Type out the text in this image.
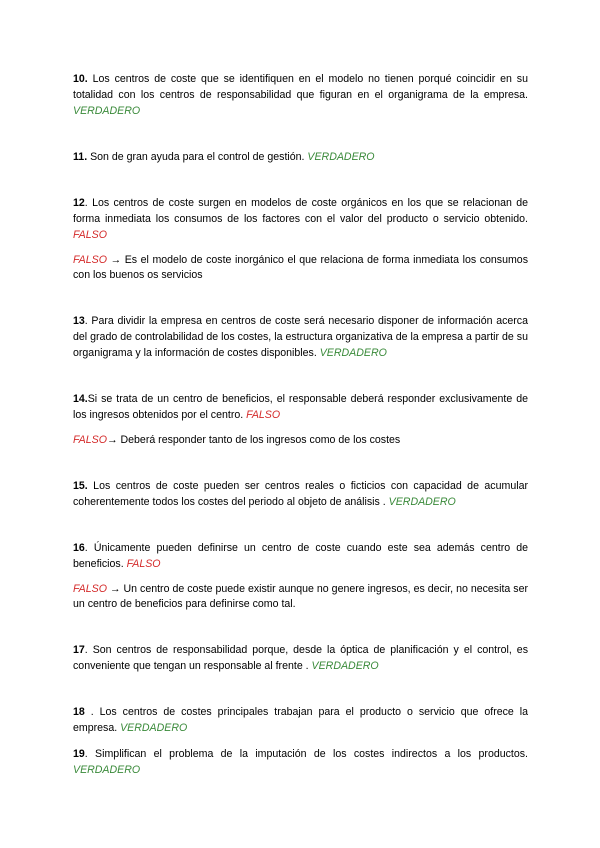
10. Los centros de coste que se identifiquen en el modelo no tienen porqué coincidir en su totalidad con los centros de responsabilidad que figuran en el organigrama de la empresa. VERDADERO

11. Son de gran ayuda para el control de gestión. VERDADERO

12. Los centros de coste surgen en modelos de coste orgánicos en los que se relacionan de forma inmediata los consumos de los factores con el valor del producto o servicio obtenido. FALSO

FALSO → Es el modelo de coste inorgánico el que relaciona de forma inmediata los consumos con los buenos os servicios

13. Para dividir la empresa en centros de coste será necesario disponer de información acerca del grado de controlabilidad de los costes, la estructura organizativa de la empresa a partir de su organigrama y la información de costes disponibles. VERDADERO

14.Si se trata de un centro de beneficios, el responsable deberá responder exclusivamente de los ingresos obtenidos por el centro. FALSO

FALSO→ Deberá responder tanto de los ingresos como de los costes

15. Los centros de coste pueden ser centros reales o ficticios con capacidad de acumular coherentemente todos los costes del periodo al objeto de análisis . VERDADERO

16. Únicamente pueden definirse un centro de coste cuando este sea además centro de beneficios. FALSO

FALSO → Un centro de coste puede existir aunque no genere ingresos, es decir, no necesita ser un centro de beneficios para definirse como tal.

17. Son centros de responsabilidad porque, desde la óptica de planificación y el control, es conveniente que tengan un responsable al frente . VERDADERO

18 . Los centros de costes principales trabajan para el producto o servicio que ofrece la empresa. VERDADERO

19. Simplifican el problema de la imputación de los costes indirectos a los productos. VERDADERO
